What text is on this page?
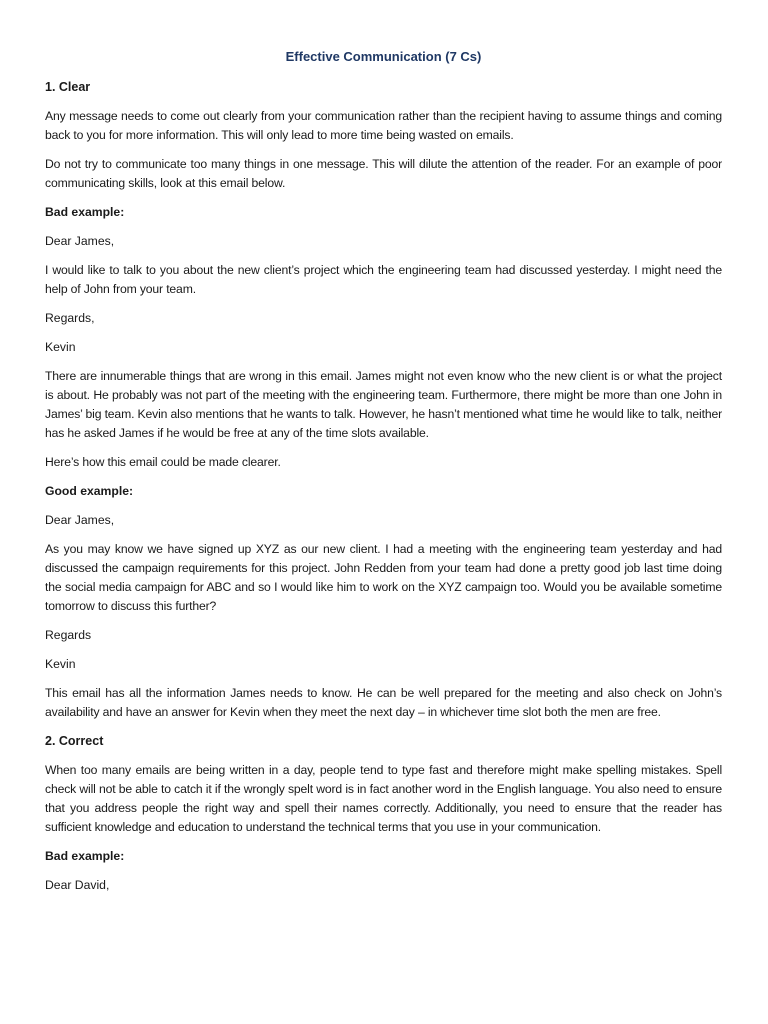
Effective Communication (7 Cs)
1. Clear

Any message needs to come out clearly from your communication rather than the recipient having to assume things and coming back to you for more information. This will only lead to more time being wasted on emails.

Do not try to communicate too many things in one message. This will dilute the attention of the reader. For an example of poor communicating skills, look at this email below.

Bad example:
Dear James,

I would like to talk to you about the new client’s project which the engineering team had discussed yesterday. I might need the help of John from your team.

Regards,
Kevin

There are innumerable things that are wrong in this email. James might not even know who the new client is or what the project is about. He probably was not part of the meeting with the engineering team. Furthermore, there might be more than one John in James’ big team. Kevin also mentions that he wants to talk. However, he hasn’t mentioned what time he would like to talk, neither has he asked James if he would be free at any of the time slots available.

Here’s how this email could be made clearer.

Good example:
Dear James,

As you may know we have signed up XYZ as our new client. I had a meeting with the engineering team yesterday and had discussed the campaign requirements for this project. John Redden from your team had done a pretty good job last time doing the social media campaign for ABC and so I would like him to work on the XYZ campaign too. Would you be available sometime tomorrow to discuss this further?

Regards
Kevin

This email has all the information James needs to know. He can be well prepared for the meeting and also check on John’s availability and have an answer for Kevin when they meet the next day – in whichever time slot both the men are free.

2. Correct

When too many emails are being written in a day, people tend to type fast and therefore might make spelling mistakes. Spell check will not be able to catch it if the wrongly spelt word is in fact another word in the English language. You also need to ensure that you address people the right way and spell their names correctly. Additionally, you need to ensure that the reader has sufficient knowledge and education to understand the technical terms that you use in your communication.

Bad example:
Dear David,
